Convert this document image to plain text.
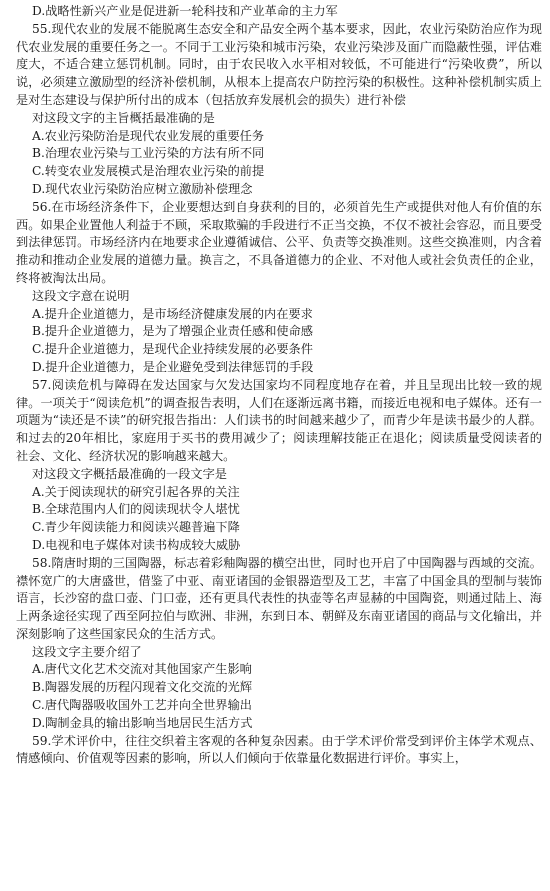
D.战略性新兴产业是促进新一轮科技和产业革命的主力军

55.现代农业的发展不能脱离生态安全和产品安全两个基本要求，因此，农业污染防治应作为现代农业发展的重要任务之一。不同于工业污染和城市污染，农业污染涉及面广而隐蔽性强，评估难度大，不适合建立惩罚机制。同时，由于农民收入水平相对较低，不可能进行“污染收费”，所以说，必须建立激励型的经济补偿机制，从根本上提高农户防控污染的积极性。这种补偿机制实质上是对生态建设与保护所付出的成本（包括放弃发展机会的损失）进行补偿

对这段文字的主旨概括最准确的是

A.农业污染防治是现代农业发展的重要任务

B.治理农业污染与工业污染的方法有所不同

C.转变农业发展模式是治理农业污染的前提

D.现代农业污染防治应树立激励补偿理念

56.在市场经济条件下，企业要想达到自身获利的目的，必须首先生产或提供对他人有价值的东西。如果企业置他人利益于不顾，采取欺骗的手段进行不正当交换，不仅不被社会容忍，而且要受到法律惩罚。市场经济内在地要求企业遵循诚信、公平、负责等交换准则。这些交换准则，内含着推动和推动企业发展的道德力量。换言之，不具备道德力的企业、不对他人或社会负责任的企业，终将被淘汰出局。

这段文字意在说明

A.提升企业道德力，是市场经济健康发展的内在要求

B.提升企业道德力，是为了增强企业责任感和使命感

C.提升企业道德力，是现代企业持续发展的必要条件

D.提升企业道德力，是企业避免受到法律惩罚的手段

57.阅读危机与障碍在发达国家与欠发达国家均不同程度地存在着，并且呈现出比较一致的规律。一项关于“阅读危机”的调查报告表明，人们在逐渐远离书籍，而接近电视和电子媒体。还有一项题为“读还是不读”的研究报告指出：人们读书的时间越来越少了，而青少年是读书最少的人群。和过去的20年相比，家庭用于买书的费用减少了；阅读理解技能正在退化；阅读质量受阅读者的社会、文化、经济状况的影响越来越大。

对这段文字概括最准确的一段文字是

A.关于阅读现状的研究引起各界的关注

B.全球范围内人们的阅读现状令人堪忧

C.青少年阅读能力和阅读兴趣普遍下降

D.电视和电子媒体对读书构成较大威胁

58.隋唐时期的三国陶器，标志着彩釉陶器的横空出世，同时也开启了中国陶器与西域的交流。襟怀宽广的大唐盛世，借鉴了中亚、南亚诸国的金银器造型及工艺，丰富了中国金具的型制与装饰语言，长沙窑的盘口壶、门口壶，还有更具代表性的执壶等名声显赫的中国陶瓷，则通过陆上、海上两条途径实现了西至阿拉伯与欧洲、非洲，东到日本、朝鲜及东南亚诸国的商品与文化输出，并深刻影响了这些国家民众的生活方式。

这段文字主要介绍了

A.唐代文化艺术交流对其他国家产生影响

B.陶器发展的历程闪现着文化交流的光辉

C.唐代陶器吸收国外工艺并向全世界输出

D.陶制金具的输出影响当地居民生活方式

59.学术评价中，往往交织着主客观的各种复杂因素。由于学术评价常受到评价主体学术观点、情感倾向、价值观等因素的影响，所以人们倾向于依靠量化数据进行评价。事实上，
